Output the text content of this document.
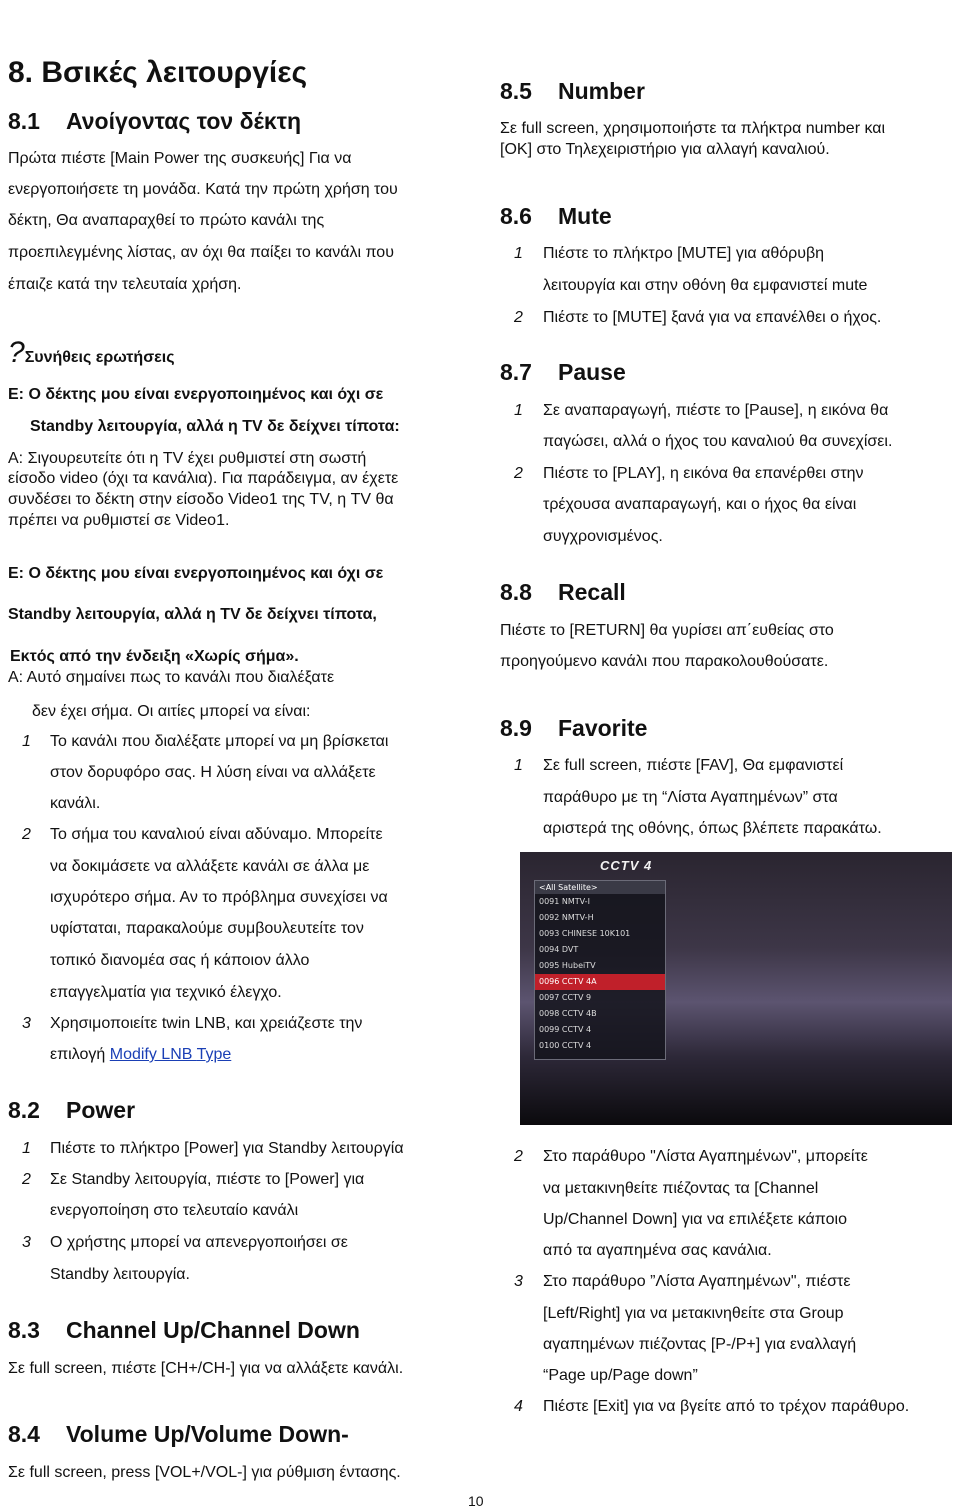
8. Βσικές λειτουργίες
8.1 Ανοίγοντας τον δέκτη
Πρώτα πιέστε [Main Power της συσκευής] Για να
ενεργοποιήσετε τη μονάδα. Κατά την πρώτη χρήση του
δέκτη, Θα αναπαραχθεί το πρώτο κανάλι της
προεπιλεγμένης λίστας, αν όχι θα παίξει το κανάλι που
έπαιζε κατά την τελευταία χρήση.
?Συνήθεις ερωτήσεις
Ε: Ο δέκτης μου είναι ενεργοποιημένος και όχι σε
Standby λειτουργία, αλλά η TV δε δείχνει τίποτα:
Α: Σιγουρευτείτε ότι η TV έχει ρυθμιστεί στη σωστή
είσοδο video (όχι τα κανάλια). Για παράδειγμα, αν έχετε
συνδέσει το δέκτη στην είσοδο Video1 της TV, η TV θα
πρέπει να ρυθμιστεί σε Video1.
Ε: Ο δέκτης μου είναι ενεργοποιημένος και όχι σε
Standby λειτουργία, αλλά η TV δε δείχνει τίποτα,
Εκτός από την ένδειξη «Χωρίς σήμα».
Α: Αυτό σημαίνει πως το κανάλι που διαλέξατε
δεν έχει σήμα. Οι αιτίες μπορεί να είναι:
1 Το κανάλι που διαλέξατε μπορεί να μη βρίσκεται
στον δορυφόρο σας. Η λύση είναι να αλλάξετε
κανάλι.
2 Το σήμα του καναλιού είναι αδύναμο. Μπορείτε
να δοκιμάσετε να αλλάξετε κανάλι σε άλλα με
ισχυρότερο σήμα. Αν το πρόβλημα συνεχίσει να
υφίσταται, παρακαλούμε συμβουλευτείτε τον
τοπικό διανομέα σας ή κάποιον άλλο
επαγγελματία για τεχνικό έλεγχο.
3 Χρησιμοποιείτε twin LNB, και χρειάζεστε την
επιλογή Modify LNB Type
8.2 Power
1 Πιέστε το πλήκτρο [Power] για Standby λειτουργία
2 Σε Standby λειτουργία, πιέστε το [Power] για
ενεργοποίηση στο τελευταίο κανάλι
3 Ο χρήστης μπορεί να απενεργοποιήσει σε
Standby λειτουργία.
8.3 Channel Up/Channel Down
Σε full screen, πιέστε [CH+/CH-] για να αλλάξετε κανάλι.
8.4 Volume Up/Volume Down-
Σε full screen, press [VOL+/VOL-] για ρύθμιση έντασης.
8.5 Number
Σε full screen, χρησιμοποιήστε τα πλήκτρα number και
[OK] στο Τηλεχειριστήριο για αλλαγή καναλιού.
8.6 Mute
1 Πιέστε το πλήκτρο [MUTE] για αθόρυβη
λειτουργία και στην οθόνη θα εμφανιστεί mute
2 Πιέστε το [MUTE] ξανά για να επανέλθει ο ήχος.
8.7 Pause
1 Σε αναπαραγωγή, πιέστε το [Pause], η εικόνα θα
παγώσει, αλλά ο ήχος του καναλιού θα συνεχίσει.
2 Πιέστε το [PLAY], η εικόνα θα επανέρθει στην
τρέχουσα αναπαραγωγή, και ο ήχος θα είναι
συγχρονισμένος.
8.8 Recall
Πιέστε το [RETURN] θα γυρίσει απ΄ευθείας στο
προηγούμενο κανάλι που παρακολουθούσατε.
8.9 Favorite
1 Σε full screen, πιέστε [FAV], Θα εμφανιστεί
παράθυρο με τη “Λίστα Αγαπημένων” στα
αριστερά της οθόνης, όπως βλέπετε παρακάτω.
CCTV 4
<All Satellite>
0091 NMTV-I
0092 NMTV-H
0093 CHINESE 10K101
0094 DVT
0095 HubeiTV
0096 CCTV 4A
0097 CCTV 9
0098 CCTV 4B
0099 CCTV 4
0100 CCTV 4
2 Στο παράθυρο "Λίστα Αγαπημένων", μπορείτε
να μετακινηθείτε πιέζοντας τα [Channel
Up/Channel Down] για να επιλέξετε κάποιο
από τα αγαπημένα σας κανάλια.
3 Στο παράθυρο ”Λίστα Αγαπημένων", πιέστε
[Left/Right] για να μετακινηθείτε στα Group
αγαπημένων πιέζοντας [P-/P+] για εναλλαγή
“Page up/Page down”
4 Πιέστε [Exit] για να βγείτε από το τρέχον παράθυρο.
10
